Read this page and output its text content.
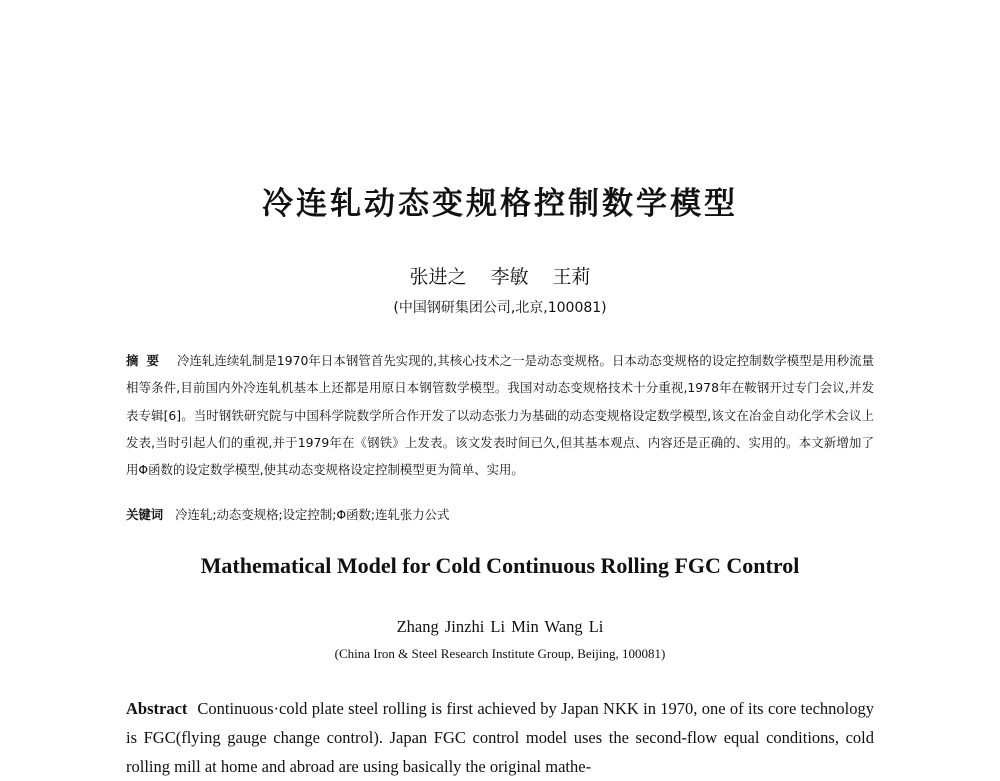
冷连轧动态变规格控制数学模型
张进之 李敏 王莉
(中国钢研集团公司,北京,100081)

摘要 冷连轧连续轧制是1970年日本钢管首先实现的,其核心技术之一是动态变规格。日本动态变规格的设定控制数学模型是用秒流量相等条件,目前国内外冷连轧机基本上还都是用原日本钢管数学模型。我国对动态变规格技术十分重视,1978年在鞍钢开过专门会议,并发表专辑[6]。当时钢铁研究院与中国科学院数学所合作开发了以动态张力为基础的动态变规格设定数学模型,该文在冶金自动化学术会议上发表,当时引起人们的重视,并于1979年在《钢铁》上发表。该文发表时间已久,但其基本观点、内容还是正确的、实用的。本文新增加了用Φ函数的设定数学模型,使其动态变规格设定控制模型更为简单、实用。

关键词 冷连轧;动态变规格;设定控制;Φ函数;连轧张力公式

Mathematical Model for Cold Continuous Rolling FGC Control
Zhang Jinzhi Li Min Wang Li
(China Iron & Steel Research Institute Group, Beijing, 100081)

Abstract Continuous·cold plate steel rolling is first achieved by Japan NKK in 1970, one of its core technology is FGC(flying gauge change control). Japan FGC control model uses the second-flow equal conditions, cold rolling mill at home and abroad are using basically the original mathe-
